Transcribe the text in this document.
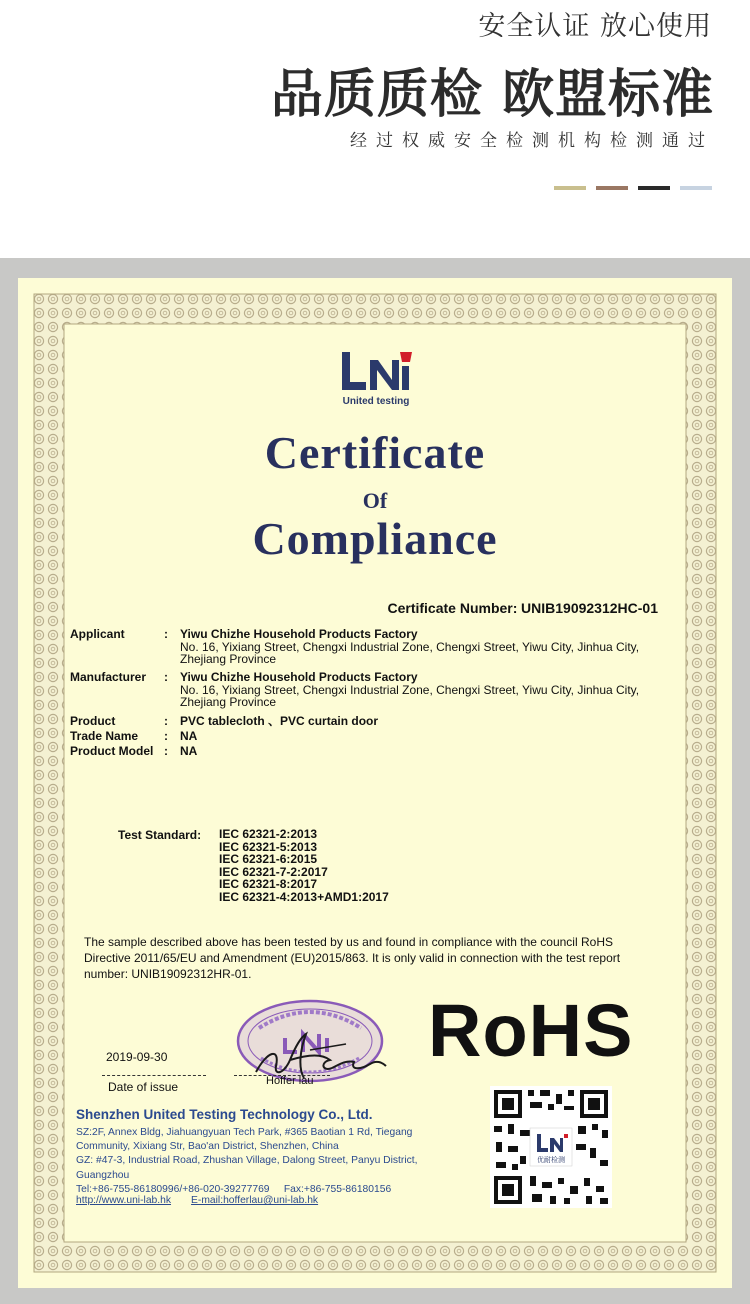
安全认证 放心使用
品质质检 欧盟标准
经过权威安全检测机构检测通过
United testing
Certificate
Of
Compliance
Certificate Number: UNIB19092312HC-01
Applicant	: Yiwu Chizhe Household Products Factory
No. 16, Yixiang Street, Chengxi Industrial Zone, Chengxi Street, Yiwu City, Jinhua City, Zhejiang Province
Manufacturer : Yiwu Chizhe Household Products Factory
No. 16, Yixiang Street, Chengxi Industrial Zone, Chengxi Street, Yiwu City, Jinhua City, Zhejiang Province
Product	: PVC tablecloth 、PVC curtain door
Trade Name : NA
Product Model : NA
Test Standard: IEC 62321-2:2013
IEC 62321-5:2013
IEC 62321-6:2015
IEC 62321-7-2:2017
IEC 62321-8:2017
IEC 62321-4:2013+AMD1:2017
The sample described above has been tested by us and found in compliance with the council RoHS Directive 2011/65/EU and Amendment (EU)2015/863. It is only valid in connection with the test report number: UNIB19092312HR-01.
RoHS
2019-09-30
Date of issue	Hoffer lau
Shenzhen United Testing Technology Co., Ltd.
SZ:2F, Annex Bldg, Jiahuangyuan Tech Park, #365 Baotian 1 Rd, Tiegang Community, Xixiang Str, Bao'an District, Shenzhen, China
GZ: #47-3, Industrial Road, Zhushan Village, Dalong Street, Panyu District, Guangzhou
Tel:+86-755-86180996/+86-020-39277769 Fax:+86-755-86180156
http://www.uni-lab.hk E-mail:hofferlau@uni-lab.hk
优耐检测
